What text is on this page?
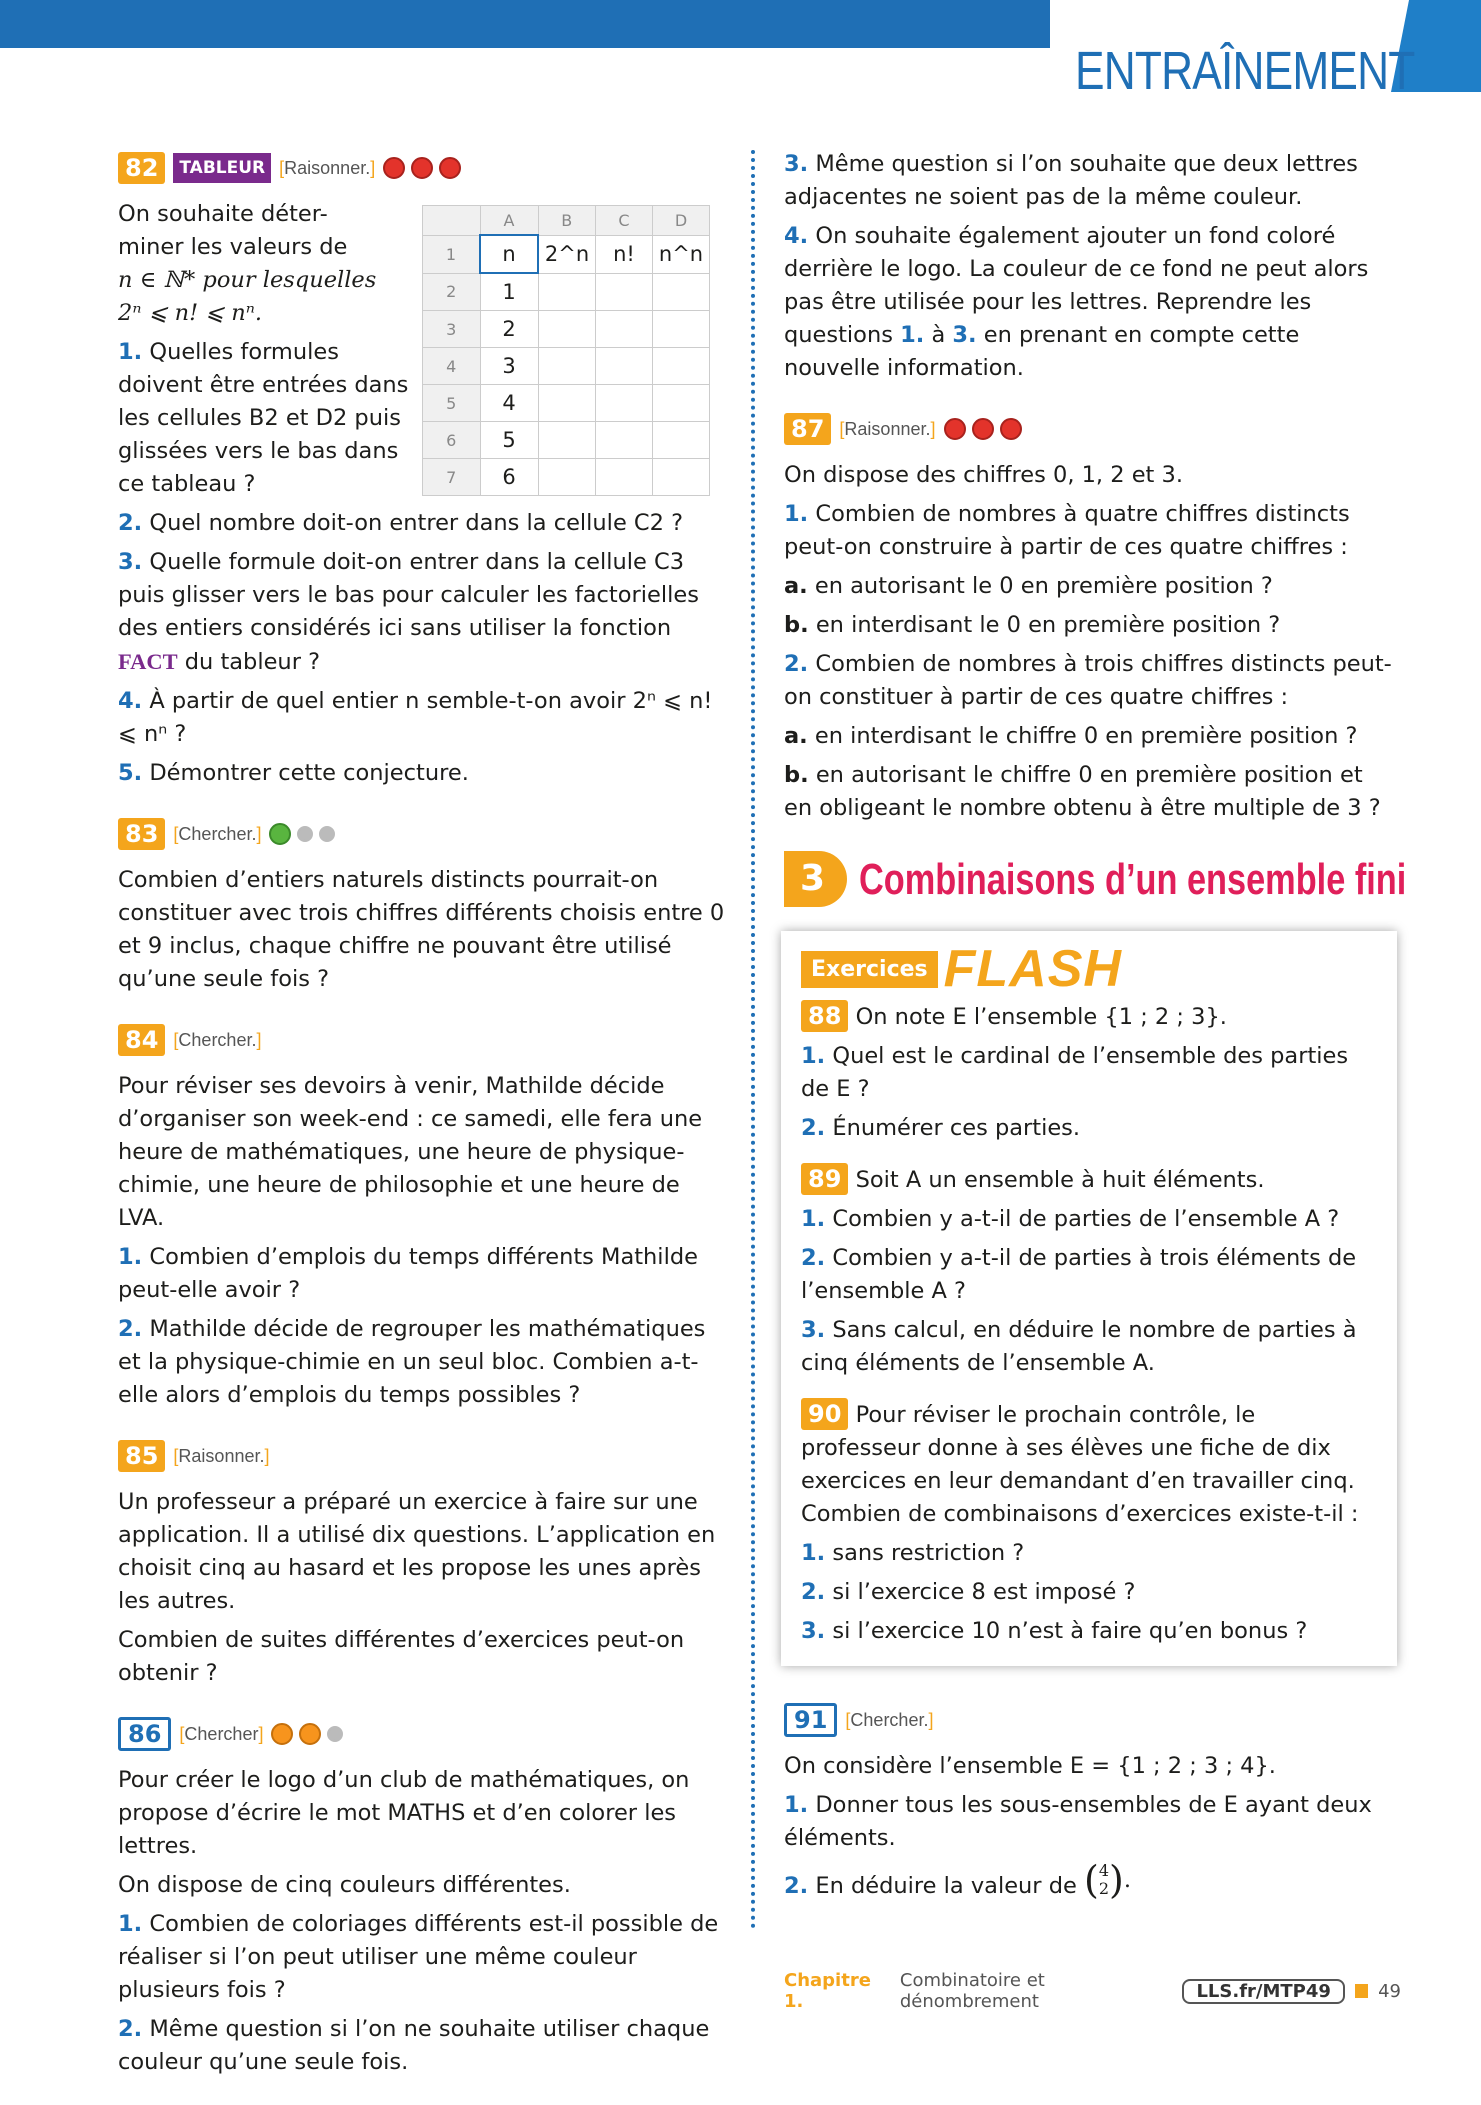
ENTRAÎNEMENT
	A	B	C	D
1	n	2^n	n!	n^n
2	1			
3	2			
4	3			
5	4			
6	5			
7	6			
82	TABLEUR [Raisonner.]

On souhaite déter-

miner les valeurs de

n ∈ ℕ* pour lesquelles

2ⁿ ⩽ n! ⩽ nⁿ.

1. Quelles formules doivent être entrées dans les cellules B2 et D2 puis glissées vers le bas dans ce tableau ?

2. Quel nombre doit-on entrer dans la cellule C2 ?

3. Quelle formule doit-on entrer dans la cellule C3 puis glisser vers le bas pour calculer les factorielles des entiers considérés ici sans utiliser la fonction FACT du tableur ?

4. À partir de quel entier n semble-t-on avoir 2ⁿ ⩽ n! ⩽ nⁿ ?

5. Démontrer cette conjecture.

83 [Chercher.]

Combien d’entiers naturels distincts pourrait-on constituer avec trois chiffres différents choisis entre 0 et 9 inclus, chaque chiffre ne pouvant être utilisé qu’une seule fois ?

84 [Chercher.]

Pour réviser ses devoirs à venir, Mathilde décide d’organiser son week-end : ce samedi, elle fera une heure de mathématiques, une heure de physique-chimie, une heure de philosophie et une heure de LVA.

1. Combien d’emplois du temps différents Mathilde peut-elle avoir ?

2. Mathilde décide de regrouper les mathématiques et la physique-chimie en un seul bloc. Combien a-t-elle alors d’emplois du temps possibles ?

85 [Raisonner.]

Un professeur a préparé un exercice à faire sur une application. Il a utilisé dix questions. L’application en choisit cinq au hasard et les propose les unes après les autres.

Combien de suites différentes d’exercices peut-on obtenir ?

86	[Chercher]

Pour créer le logo d’un club de mathématiques, on propose d’écrire le mot MATHS et d’en colorer les lettres.

On dispose de cinq couleurs différentes.

1. Combien de coloriages différents est-il possible de réaliser si l’on peut utiliser une même couleur plusieurs fois ?

2. Même question si l’on ne souhaite utiliser chaque couleur qu’une seule fois.

3. Même question si l’on souhaite que deux lettres adjacentes ne soient pas de la même couleur.

4. On souhaite également ajouter un fond coloré derrière le logo. La couleur de ce fond ne peut alors pas être utilisée pour les lettres. Reprendre les questions 1. à 3. en prenant en compte cette nouvelle information.

87 [Raisonner.]

On dispose des chiffres 0, 1, 2 et 3.

1. Combien de nombres à quatre chiffres distincts peut-on construire à partir de ces quatre chiffres :

a. en autorisant le 0 en première position ?

b. en interdisant le 0 en première position ?

2. Combien de nombres à trois chiffres distincts peut-on constituer à partir de ces quatre chiffres :

a. en interdisant le chiffre 0 en première position ?

b. en autorisant le chiffre 0 en première position et en obligeant le nombre obtenu à être multiple de 3 ?

3 Combinaisons d’un ensemble fini
Exercices FLASH

88 On note E l’ensemble {1 ; 2 ; 3}.

1. Quel est le cardinal de l’ensemble des parties de E ?

2. Énumérer ces parties.

89 Soit A un ensemble à huit éléments.

1. Combien y a-t-il de parties de l’ensemble A ?

2. Combien y a-t-il de parties à trois éléments de l’ensemble A ?

3. Sans calcul, en déduire le nombre de parties à cinq éléments de l’ensemble A.

90 Pour réviser le prochain contrôle, le professeur donne à ses élèves une fiche de dix exercices en leur demandant d’en travailler cinq.

Combien de combinaisons d’exercices existe-t-il :

1. sans restriction ?

2. si l’exercice 8 est imposé ?

3. si l’exercice 10 n’est à faire qu’en bonus ?

91	[Chercher.]

On considère l’ensemble E = {1 ; 2 ; 3 ; 4}.

1. Donner tous les sous-ensembles de E ayant deux éléments.

2. En déduire la valeur de ( 4
2 ) .

Chapitre 1.
Combinatoire et dénombrement	LLS.fr/MTP49	49
